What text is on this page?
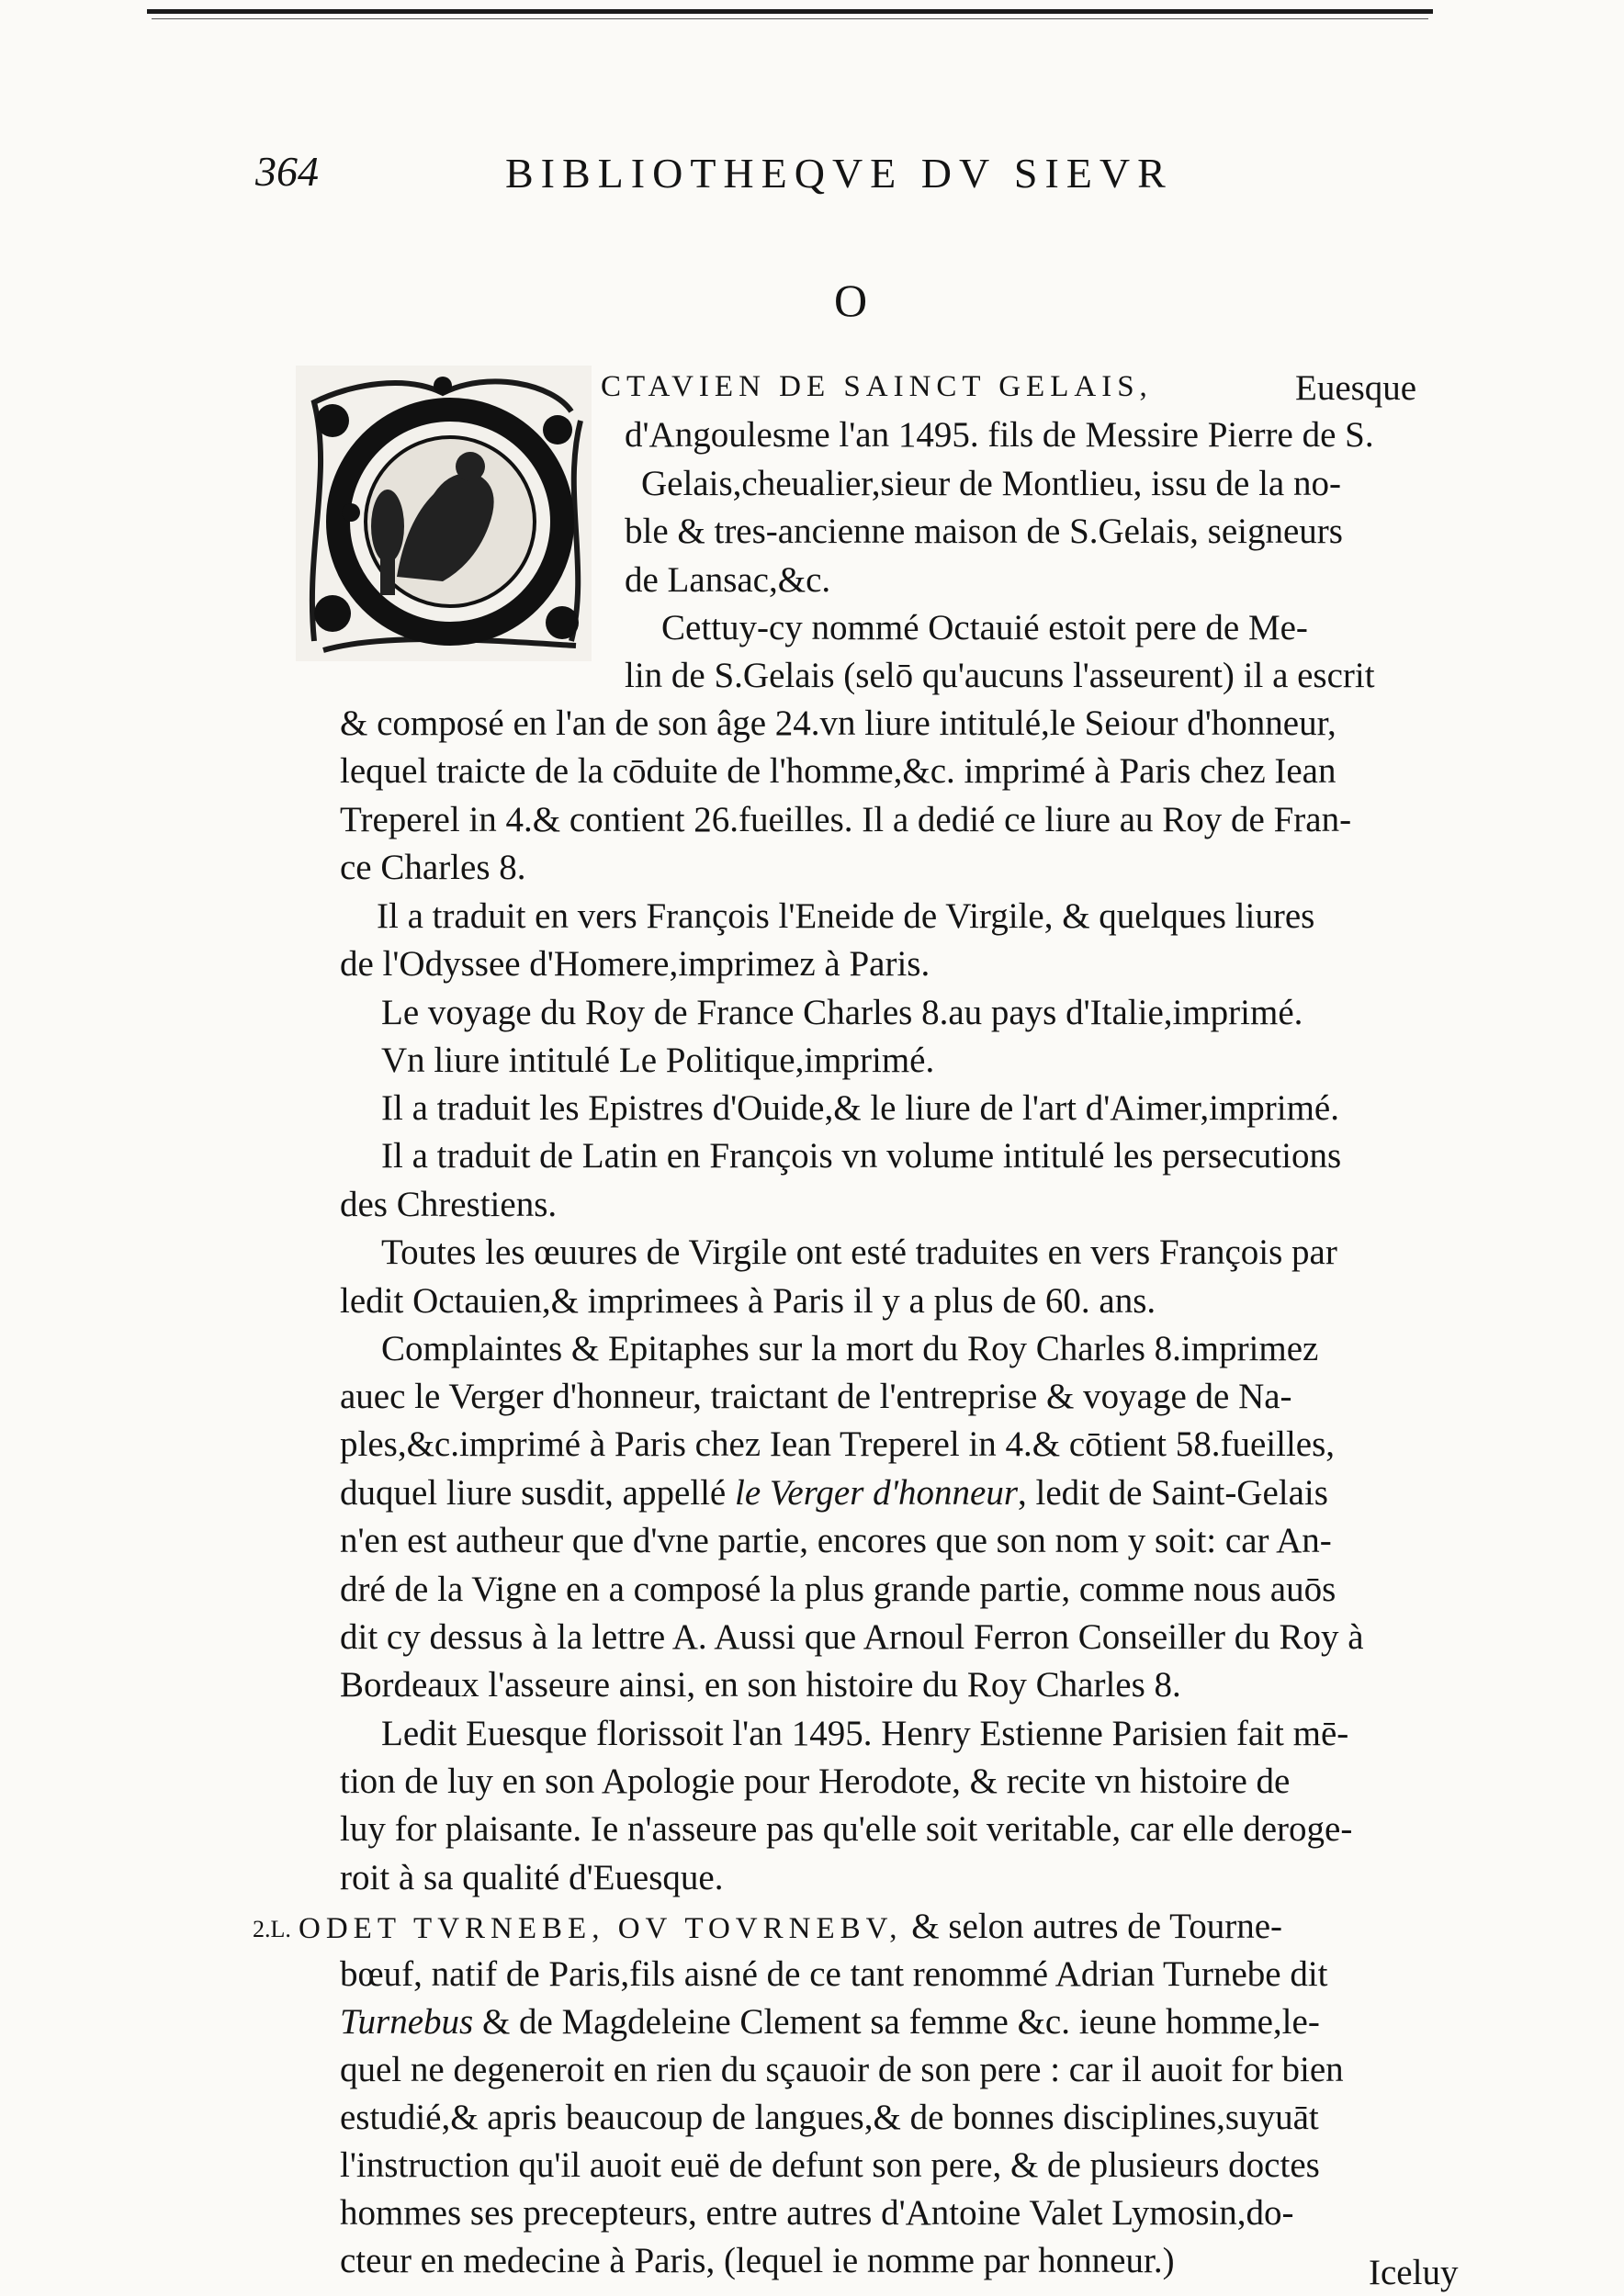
364	BIBLIOTHEQVE DV SIEVR
O
CTAVIEN DE SAINCT GELAIS,	Euesque
d'Angoulesme l'an 1495. fils de Messire Pierre de S.
Gelais,cheualier,sieur de Montlieu, issu de la no-
ble & tres-ancienne maison de S.Gelais, seigneurs
de Lansac,&c.
Cettuy-cy nommé Octauié estoit pere de Me-
lin de S.Gelais (selō qu'aucuns l'asseurent) il a escrit
& composé en l'an de son âge 24.vn liure intitulé,le Seiour d'honneur,
lequel traicte de la cōduite de l'homme,&c. imprimé à Paris chez Iean
Treperel in 4.& contient 26.fueilles. Il a dedié ce liure au Roy de Fran-
ce Charles 8.
Il a traduit en vers François l'Eneide de Virgile, & quelques liures
de l'Odyssee d'Homere,imprimez à Paris.
Le voyage du Roy de France Charles 8.au pays d'Italie,imprimé.
Vn liure intitulé Le Politique,imprimé.
Il a traduit les Epistres d'Ouide,& le liure de l'art d'Aimer,imprimé.
Il a traduit de Latin en François vn volume intitulé les persecutions
des Chrestiens.
Toutes les œuures de Virgile ont esté traduites en vers François par
ledit Octauien,& imprimees à Paris il y a plus de 60. ans.
Complaintes & Epitaphes sur la mort du Roy Charles 8.imprimez
auec le Verger d'honneur, traictant de l'entreprise & voyage de Na-
ples,&c.imprimé à Paris chez Iean Treperel in 4.& cōtient 58.fueilles,
duquel liure susdit, appellé le Verger d'honneur, ledit de Saint-Gelais
n'en est autheur que d'vne partie, encores que son nom y soit: car An-
dré de la Vigne en a composé la plus grande partie, comme nous auōs
dit cy dessus à la lettre A. Aussi que Arnoul Ferron Conseiller du Roy à
Bordeaux l'asseure ainsi, en son histoire du Roy Charles 8.
Ledit Euesque florissoit l'an 1495. Henry Estienne Parisien fait mē-
tion de luy en son Apologie pour Herodote, & recite vn histoire de
luy for plaisante. Ie n'asseure pas qu'elle soit veritable, car elle deroge-
roit à sa qualité d'Euesque.
2.L. ODET TVRNEBE, OV TOVRNEBV, & selon autres de Tourne-
bœuf, natif de Paris,fils aisné de ce tant renommé Adrian Turnebe dit
Turnebus & de Magdeleine Clement sa femme &c. ieune homme,le-
quel ne degeneroit en rien du sçauoir de son pere : car il auoit for bien
estudié,& apris beaucoup de langues,& de bonnes disciplines,suyuāt
l'instruction qu'il auoit euë de defunt son pere, & de plusieurs doctes
hommes ses precepteurs, entre autres d'Antoine Valet Lymosin,do-
cteur en medecine à Paris, (lequel ie nomme par honneur.)	Iceluy
